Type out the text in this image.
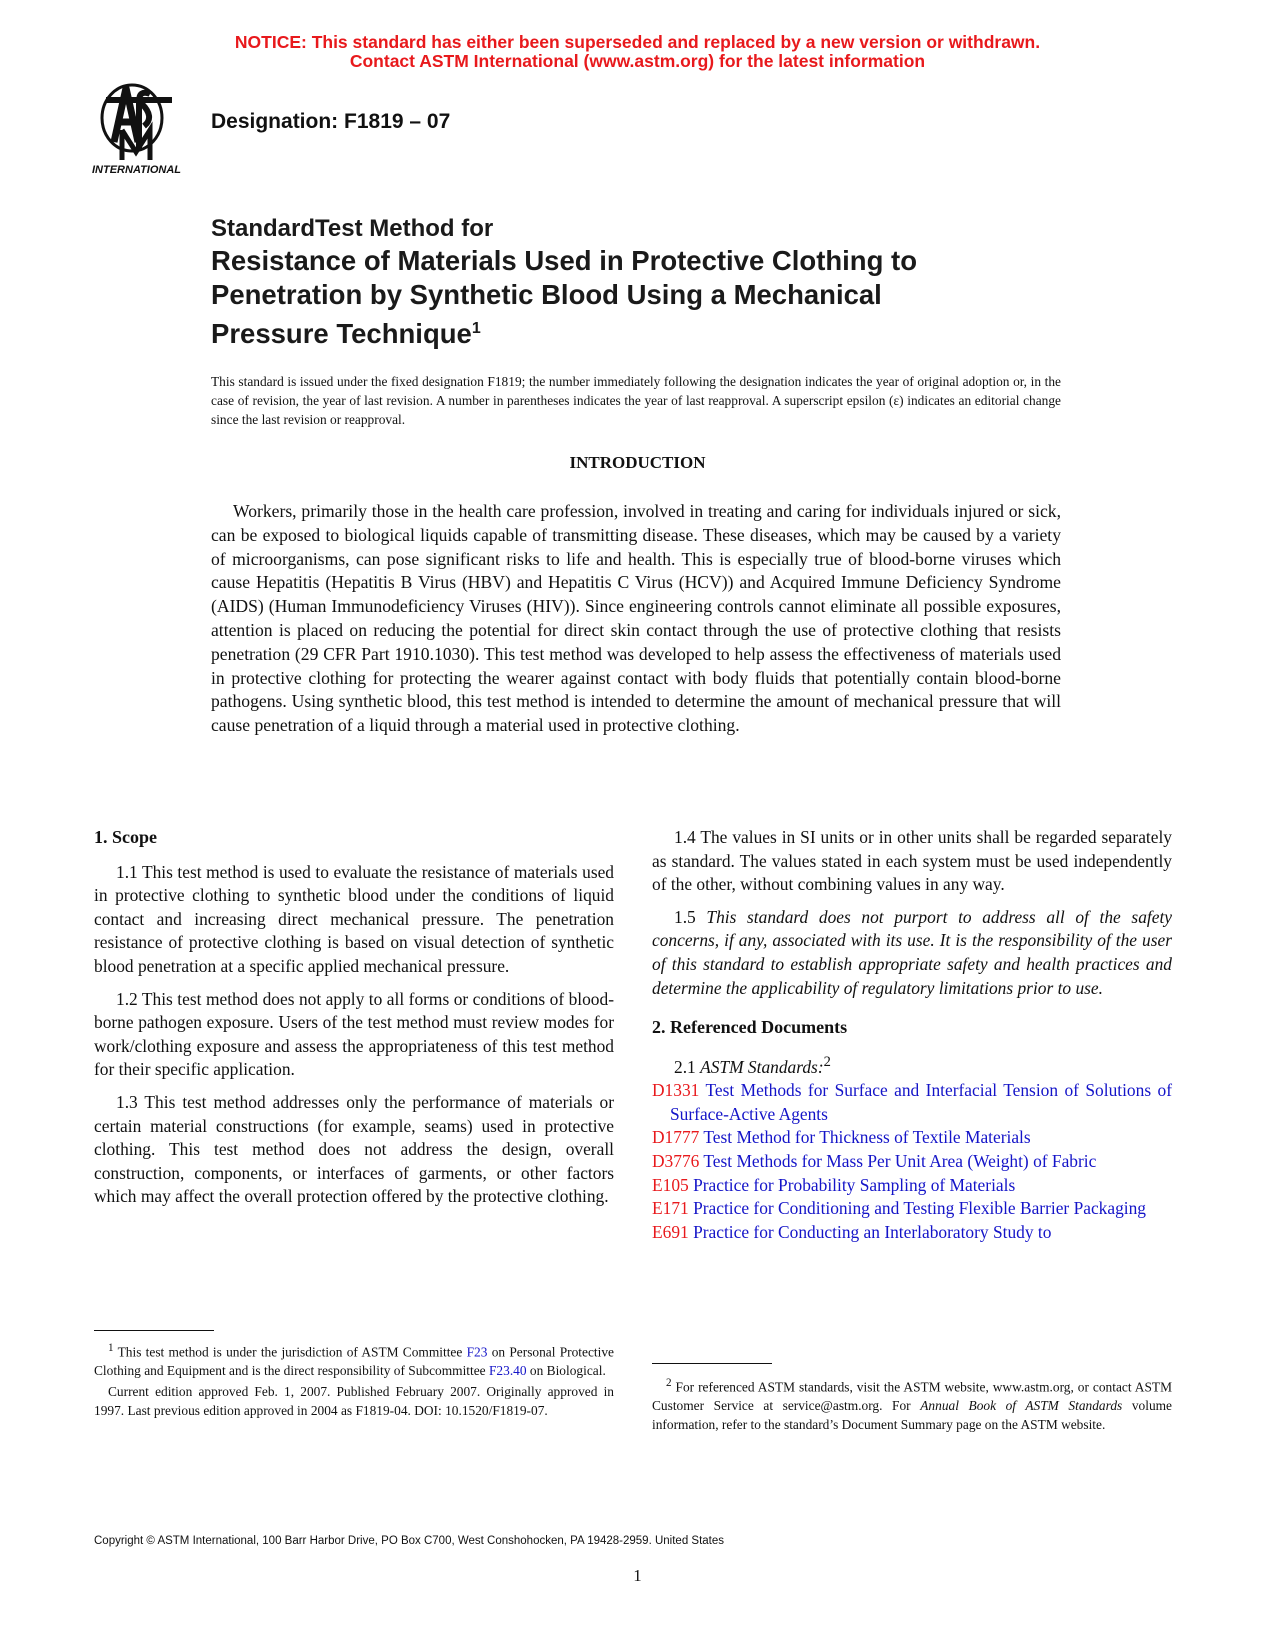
NOTICE: This standard has either been superseded and replaced by a new version or withdrawn.
Contact ASTM International (www.astm.org) for the latest information
INTERNATIONAL
Designation: F1819 – 07
StandardTest Method for
Resistance of Materials Used in Protective Clothing to
Penetration by Synthetic Blood Using a Mechanical
Pressure Technique$^1$
This standard is issued under the fixed designation F1819; the number immediately following the designation indicates the year of original adoption or, in the case of revision, the year of last revision. A number in parentheses indicates the year of last reapproval. A superscript epsilon (ε) indicates an editorial change since the last revision or reapproval.
INTRODUCTION

Workers, primarily those in the health care profession, involved in treating and caring for individuals injured or sick, can be exposed to biological liquids capable of transmitting disease. These diseases, which may be caused by a variety of microorganisms, can pose significant risks to life and health. This is especially true of blood-borne viruses which cause Hepatitis (Hepatitis B Virus (HBV) and Hepatitis C Virus (HCV)) and Acquired Immune Deficiency Syndrome (AIDS) (Human Immunodeficiency Viruses (HIV)). Since engineering controls cannot eliminate all possible exposures, attention is placed on reducing the potential for direct skin contact through the use of protective clothing that resists penetration (29 CFR Part 1910.1030). This test method was developed to help assess the effectiveness of materials used in protective clothing for protecting the wearer against contact with body fluids that potentially contain blood-borne pathogens. Using synthetic blood, this test method is intended to determine the amount of mechanical pressure that will cause penetration of a liquid through a material used in protective clothing.

1. Scope

1.1 This test method is used to evaluate the resistance of materials used in protective clothing to synthetic blood under the conditions of liquid contact and increasing direct mechanical pressure. The penetration resistance of protective clothing is based on visual detection of synthetic blood penetration at a specific applied mechanical pressure.

1.2 This test method does not apply to all forms or conditions of blood-borne pathogen exposure. Users of the test method must review modes for work/clothing exposure and assess the appropriateness of this test method for their specific application.

1.3 This test method addresses only the performance of materials or certain material constructions (for example, seams) used in protective clothing. This test method does not address the design, overall construction, components, or interfaces of garments, or other factors which may affect the overall protection offered by the protective clothing.

1.4 The values in SI units or in other units shall be regarded separately as standard. The values stated in each system must be used independently of the other, without combining values in any way.

1.5 This standard does not purport to address all of the safety concerns, if any, associated with its use. It is the responsibility of the user of this standard to establish appropriate safety and health practices and determine the applicability of regulatory limitations prior to use.

2. Referenced Documents
2.1 ASTM Standards:$^2$
D1331 Test Methods for Surface and Interfacial Tension of Solutions of Surface-Active Agents
D1777 Test Method for Thickness of Textile Materials
D3776 Test Methods for Mass Per Unit Area (Weight) of Fabric
E105 Practice for Probability Sampling of Materials
E171 Practice for Conditioning and Testing Flexible Barrier Packaging
E691 Practice for Conducting an Interlaboratory Study to

$^1$ This test method is under the jurisdiction of ASTM Committee F23 on Personal Protective Clothing and Equipment and is the direct responsibility of Subcommittee F23.40 on Biological.

Current edition approved Feb. 1, 2007. Published February 2007. Originally approved in 1997. Last previous edition approved in 2004 as F1819-04. DOI: 10.1520/F1819-07.

$^2$ For referenced ASTM standards, visit the ASTM website, www.astm.org, or contact ASTM Customer Service at service@astm.org. For Annual Book of ASTM Standards volume information, refer to the standard’s Document Summary page on the ASTM website.

Copyright © ASTM International, 100 Barr Harbor Drive, PO Box C700, West Conshohocken, PA 19428-2959. United States
1
